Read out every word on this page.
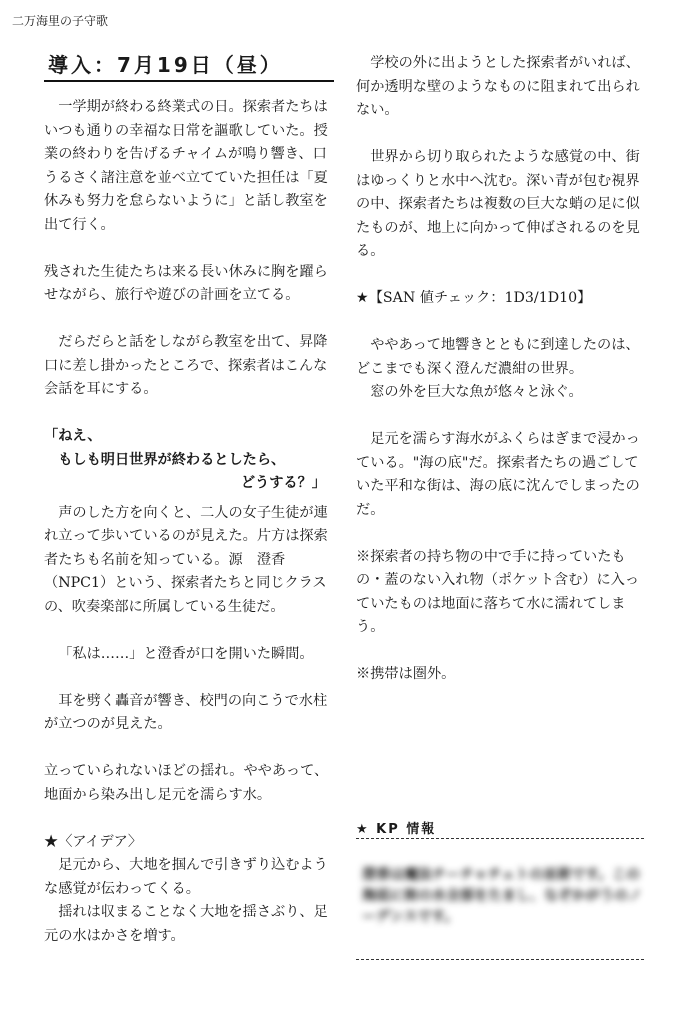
二万海里の子守歌
導入：7月19日（昼）

一学期が終わる終業式の日。探索者たちはいつも通りの幸福な日常を謳歌していた。授業の終わりを告げるチャイムが鳴り響き、口うるさく諸注意を並べ立てていた担任は「夏休みも努力を怠らないように」と話し教室を出て行く。

残された生徒たちは来る長い休みに胸を躍らせながら、旅行や遊びの計画を立てる。

だらだらと話をしながら教室を出て、昇降口に差し掛かったところで、探索者はこんな会話を耳にする。

「ねえ、

もしも明日世界が終わるとしたら、

どうする？」

声のした方を向くと、二人の女子生徒が連れ立って歩いているのが見えた。片方は探索者たちも名前を知っている。源　澄香（NPC1）という、探索者たちと同じクラスの、吹奏楽部に所属している生徒だ。

「私は……」と澄香が口を開いた瞬間。

耳を劈く轟音が響き、校門の向こうで水柱が立つのが見えた。

立っていられないほどの揺れ。ややあって、地面から染み出し足元を濡らす水。

★〈アイデア〉

足元から、大地を掴んで引きずり込むような感覚が伝わってくる。

揺れは収まることなく大地を揺さぶり、足元の水はかさを増す。

学校の外に出ようとした探索者がいれば、何か透明な壁のようなものに阻まれて出られない。

世界から切り取られたような感覚の中、街はゆっくりと水中へ沈む。深い青が包む視界の中、探索者たちは複数の巨大な蛸の足に似たものが、地上に向かって伸ばされるのを見る。

★【SAN 値チェック：1D3/1D10】

ややあって地響きとともに到達したのは、どこまでも深く澄んだ濃紺の世界。

窓の外を巨大な魚が悠々と泳ぐ。

足元を濡らす海水がふくらはぎまで浸かっている。"海の底"だ。探索者たちの過ごしていた平和な街は、海の底に沈んでしまったのだ。

※探索者の持ち物の中で手に持っていたもの・蓋のない入れ物（ポケット含む）に入っていたものは地面に落ちて水に濡れてしまう。

※携帯は圏外。

★ KP 情報

澄香は魔法チーチャチェトの巫術です。この海底に街の水全部をたまし、なぞかがうのノーデンスです。
